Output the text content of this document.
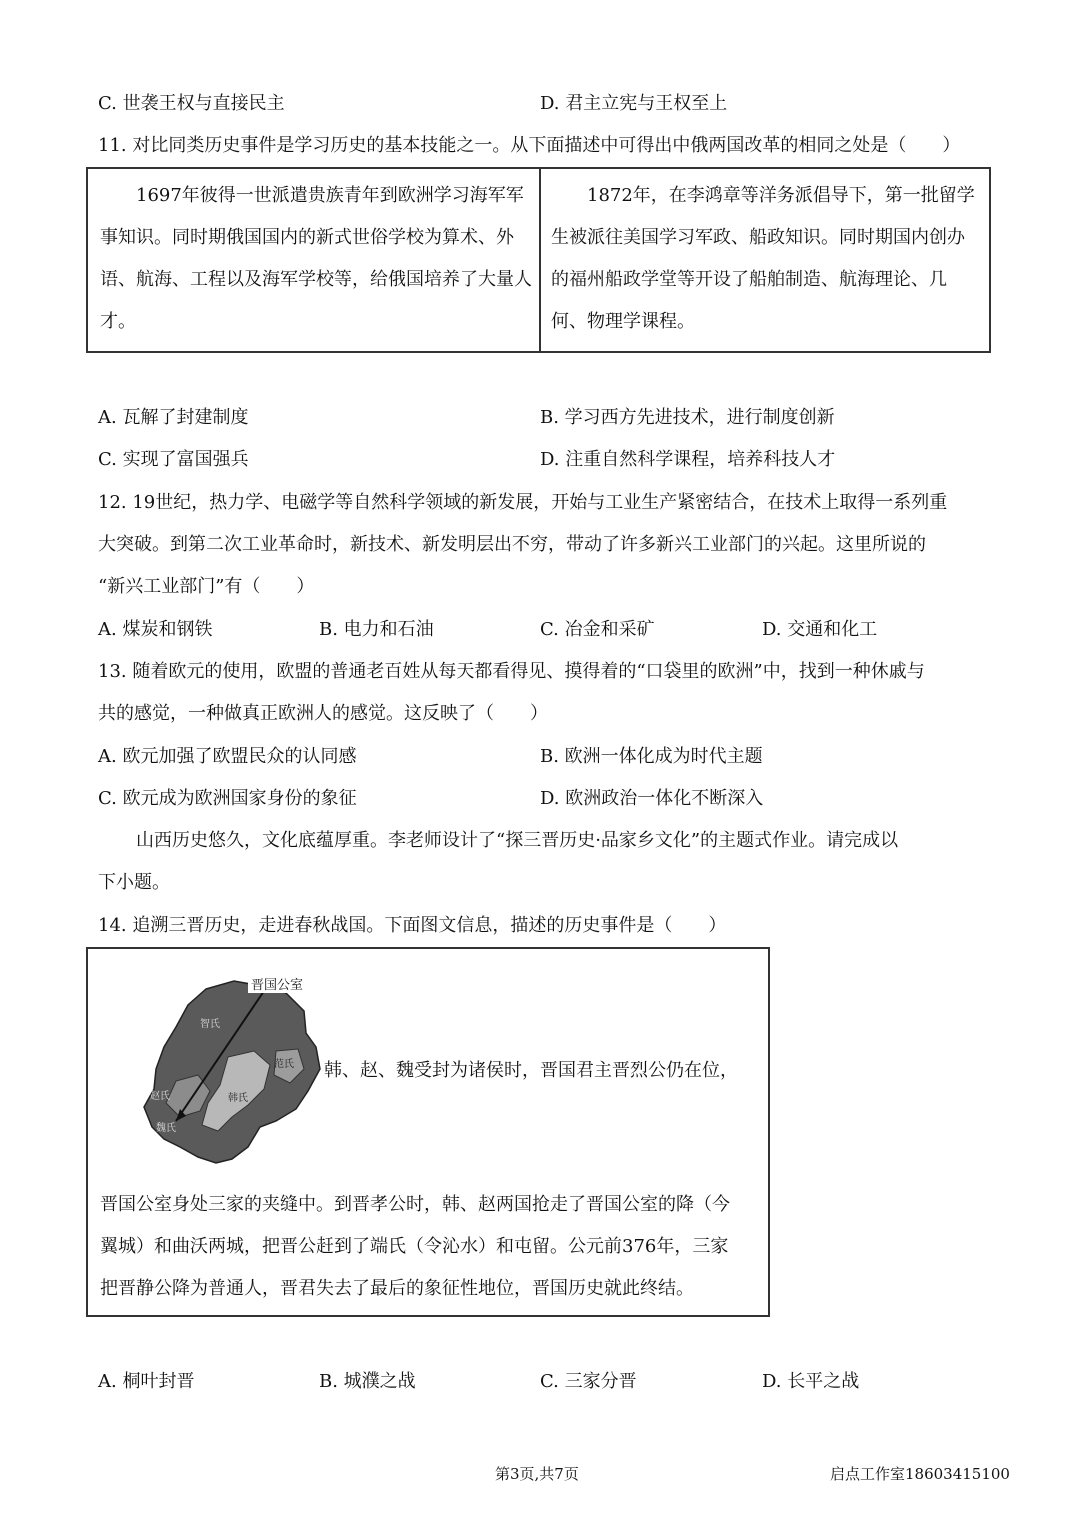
C. 世袭王权与直接民主	D. 君主立宪与王权至上
11. 对比同类历史事件是学习历史的基本技能之一。从下面描述中可得出中俄两国改革的相同之处是（　　）

1697年彼得一世派遣贵族青年到欧洲学习海军军事知识。同时期俄国国内的新式世俗学校为算术、外语、航海、工程以及海军学校等，给俄国培养了大量人才。

1872年，在李鸿章等洋务派倡导下，第一批留学生被派往美国学习军政、船政知识。同时期国内创办的福州船政学堂等开设了船舶制造、航海理论、几何、物理学课程。

A. 瓦解了封建制度	B. 学习西方先进技术，进行制度创新
C. 实现了富国强兵	D. 注重自然科学课程，培养科技人才
12. 19世纪，热力学、电磁学等自然科学领域的新发展，开始与工业生产紧密结合，在技术上取得一系列重
大突破。到第二次工业革命时，新技术、新发明层出不穷，带动了许多新兴工业部门的兴起。这里所说的
“新兴工业部门”有（　　）
A. 煤炭和钢铁	B. 电力和石油	C. 冶金和采矿	D. 交通和化工
13. 随着欧元的使用，欧盟的普通老百姓从每天都看得见、摸得着的“口袋里的欧洲”中，找到一种休戚与
共的感觉，一种做真正欧洲人的感觉。这反映了（　　）
A. 欧元加强了欧盟民众的认同感	B. 欧洲一体化成为时代主题
C. 欧元成为欧洲国家身份的象征	D. 欧洲政治一体化不断深入
山西历史悠久，文化底蕴厚重。李老师设计了“探三晋历史·品家乡文化”的主题式作业。请完成以
下小题。
14. 追溯三晋历史，走进春秋战国。下面图文信息，描述的历史事件是（　　）
晋国公室
智氏
范氏
赵氏
魏氏
韩氏
韩、赵、魏受封为诸侯时，晋国君主晋烈公仍在位，
晋国公室身处三家的夹缝中。到晋孝公时，韩、赵两国抢走了晋国公室的降（今
翼城）和曲沃两城，把晋公赶到了端氏（令沁水）和屯留。公元前376年，三家
把晋静公降为普通人，晋君失去了最后的象征性地位，晋国历史就此终结。
A. 桐叶封晋	B. 城濮之战	C. 三家分晋	D. 长平之战
第3页,共7页	启点工作室18603415100
